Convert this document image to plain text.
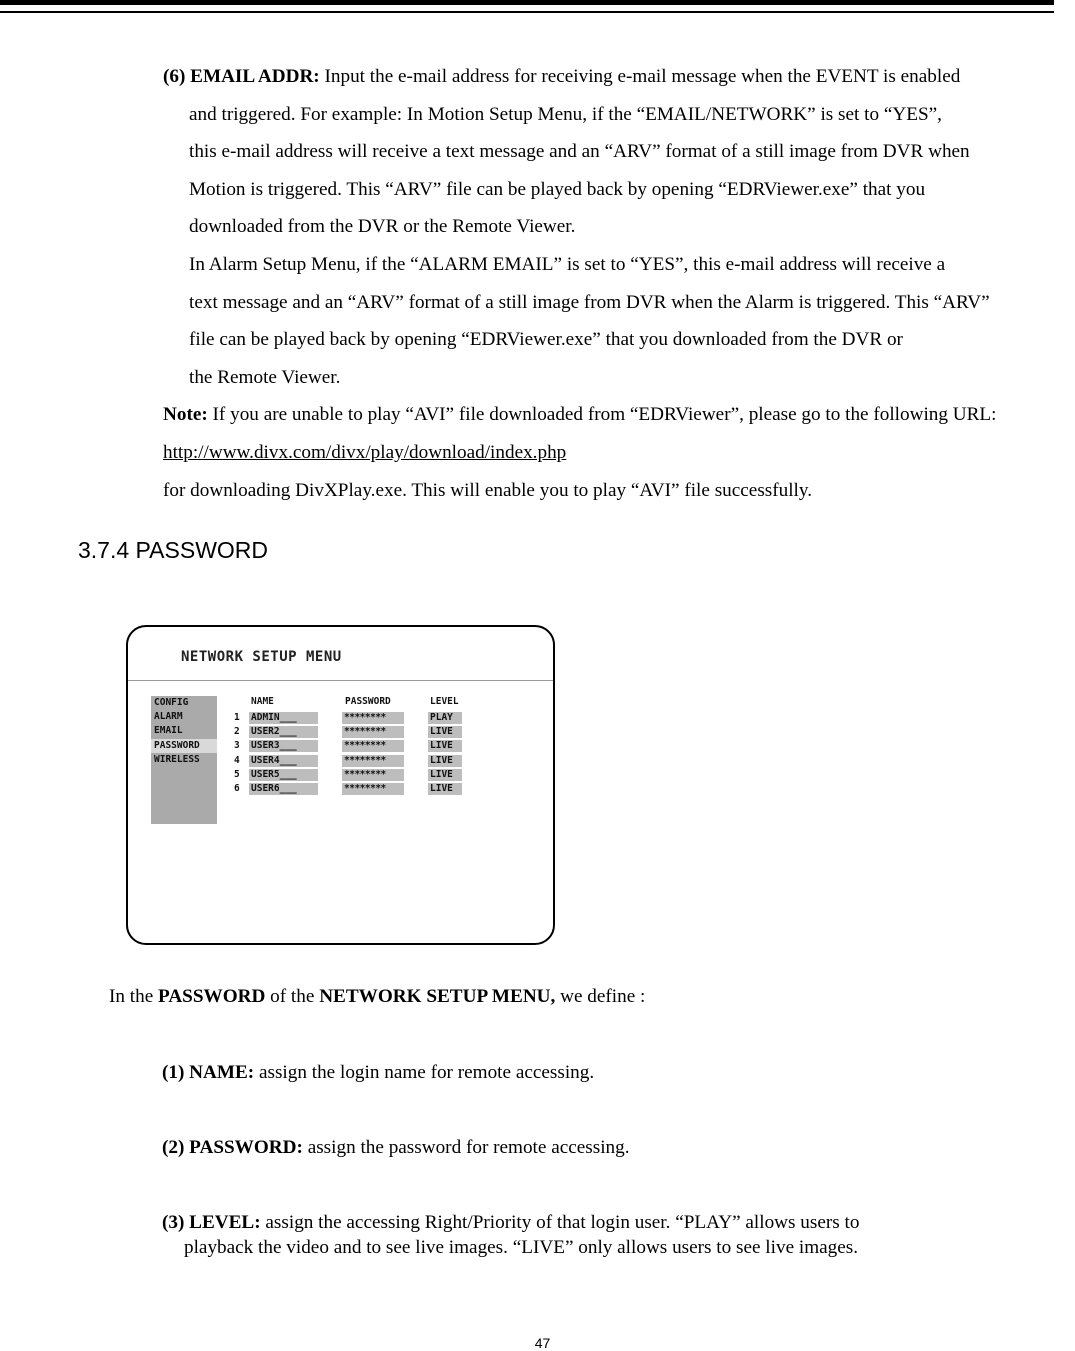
(6) EMAIL ADDR: Input the e-mail address for receiving e-mail message when the EVENT is enabled
and triggered. For example: In Motion Setup Menu, if the “EMAIL/NETWORK” is set to “YES”,
this e-mail address will receive a text message and an “ARV” format of a still image from DVR when
Motion is triggered. This “ARV” file can be played back by opening “EDRViewer.exe” that you
downloaded from the DVR or the Remote Viewer.
In Alarm Setup Menu, if the “ALARM EMAIL” is set to “YES”, this e-mail address will receive a
text message and an “ARV” format of a still image from DVR when the Alarm is triggered. This “ARV”
file can be played back by opening “EDRViewer.exe” that you downloaded from the DVR or
the Remote Viewer.
Note: If you are unable to play “AVI” file downloaded from “EDRViewer”, please go to the following URL:
http://www.divx.com/divx/play/download/index.php
for downloading DivXPlay.exe. This will enable you to play “AVI” file successfully.
3.7.4 PASSWORD
NETWORK SETUP MENU
CONFIG
ALARM
EMAIL
PASSWORD
WIRELESS
NAME	PASSWORD	LEVEL
1 ADMIN___	********	PLAY
2 USER2___	********	LIVE
3 USER3___	********	LIVE
4 USER4___	********	LIVE
5 USER5___	********	LIVE
6 USER6___	********	LIVE
In the PASSWORD of the NETWORK SETUP MENU, we define :
(1) NAME: assign the login name for remote accessing.
(2) PASSWORD: assign the password for remote accessing.
(3) LEVEL: assign the accessing Right/Priority of that login user. “PLAY” allows users to
playback the video and to see live images. “LIVE” only allows users to see live images.
47
